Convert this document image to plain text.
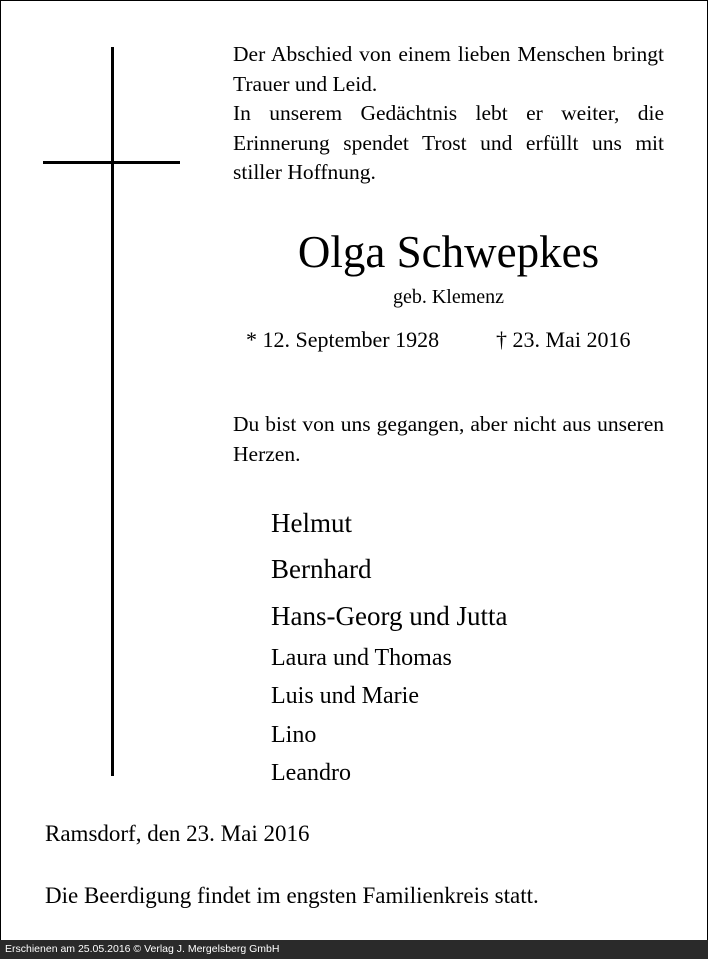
Der Abschied von einem lieben Menschen bringt Trauer und Leid.

In unserem Gedächtnis lebt er weiter, die Erinnerung spendet Trost und erfüllt uns mit stiller Hoffnung.

Olga Schwepkes
geb. Klemenz
* 12. September 1928	† 23. Mai 2016
Du bist von uns gegangen, aber nicht aus unseren Herzen.
Helmut
Bernhard
Hans-Georg und Jutta
Laura und Thomas
Luis und Marie
Lino
Leandro
Ramsdorf, den 23. Mai 2016
Die Beerdigung findet im engsten Familienkreis statt.
Erschienen am 25.05.2016 © Verlag J. Mergelsberg GmbH
